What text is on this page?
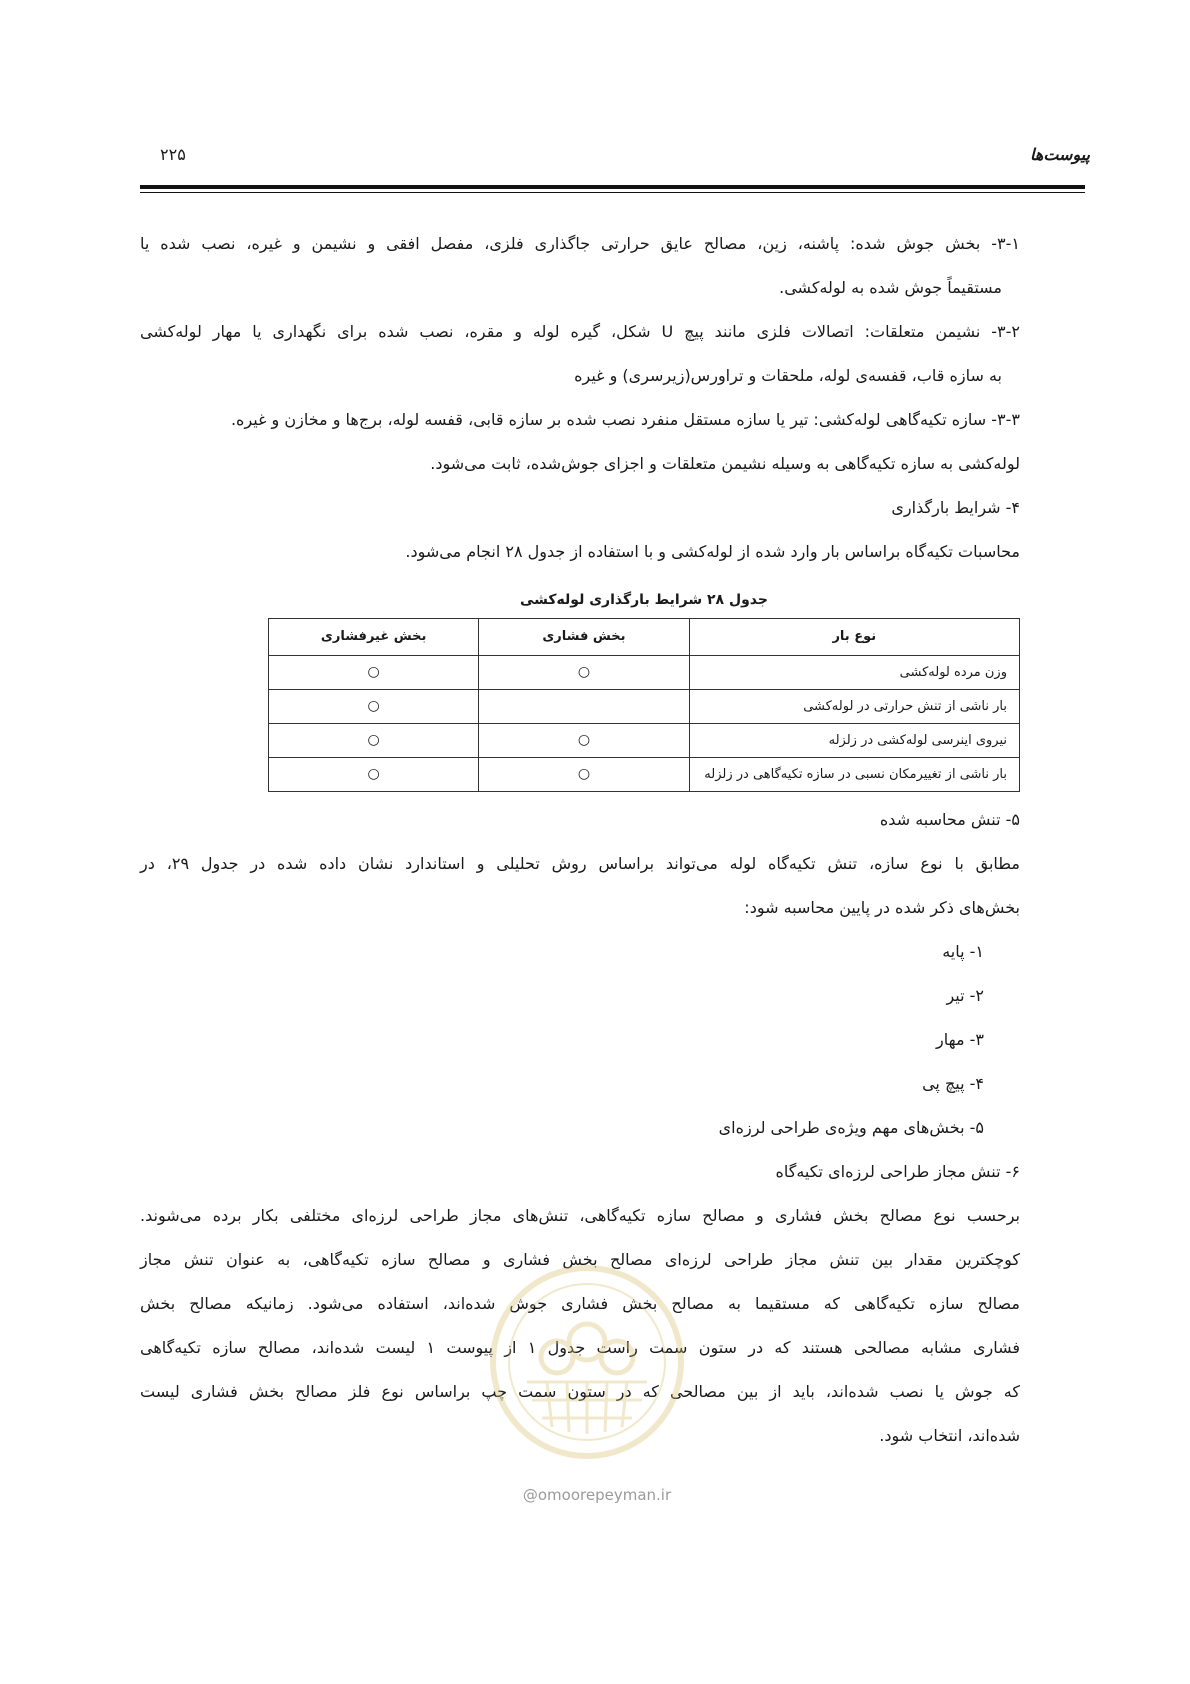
پیوست‌ها
۲۲۵
۳-۱- بخش جوش شده: پاشنه، زین، مصالح عایق حرارتی جاگذاری فلزی، مفصل افقی و نشیمن و غیره، نصب شده یا
مستقیماً جوش شده به لوله‌کشی.
۳-۲- نشیمن متعلقات: اتصالات فلزی مانند پیچ U شکل، گیره لوله و مقره، نصب شده برای نگهداری یا مهار لوله‌کشی
به سازه قاب، قفسه‌ی لوله، ملحقات و تراورس(زیرسری) و غیره
۳-۳- سازه تکیه‌گاهی لوله‌کشی: تیر یا سازه مستقل منفرد نصب شده بر سازه قابی، قفسه لوله، برج‌ها و مخازن و غیره.
لوله‌کشی به سازه تکیه‌گاهی به وسیله نشیمن متعلقات و اجزای جوش‌شده، ثابت می‌شود.
۴- شرایط بارگذاری
محاسبات تکیه‌گاه براساس بار وارد شده از لوله‌کشی و با استفاده از جدول ۲۸ انجام می‌شود.
جدول ۲۸ شرایط بارگذاری لوله‌کشی
نوع بار	بخش فشاری	بخش غیرفشاری
وزن مرده لوله‌کشی	○	○
بار ناشی از تنش حرارتی در لوله‌کشی		○
نیروی اینرسی لوله‌کشی در زلزله	○	○
بار ناشی از تغییرمکان نسبی در سازه تکیه‌گاهی در زلزله	○	○
۵- تنش محاسبه شده
مطابق با نوع سازه، تنش تکیه‌گاه لوله می‌تواند براساس روش تحلیلی و استاندارد نشان داده شده در جدول ۲۹، در
بخش‌های ذکر شده در پایین محاسبه شود:
۱- پایه
۲- تیر
۳- مهار
۴- پیچ پی
۵- بخش‌های مهم ویژه‌ی طراحی لرزه‌ای
۶- تنش مجاز طراحی لرزه‌ای تکیه‌گاه
برحسب نوع مصالح بخش فشاری و مصالح سازه تکیه‌گاهی، تنش‌های مجاز طراحی لرزه‌ای مختلفی بکار برده می‌شوند.
کوچکترین مقدار بین تنش مجاز طراحی لرزه‌ای مصالح بخش فشاری و مصالح سازه تکیه‌گاهی، به عنوان تنش مجاز
مصالح سازه تکیه‌گاهی که مستقیما به مصالح بخش فشاری جوش شده‌اند، استفاده می‌شود. زمانیکه مصالح بخش
فشاری مشابه مصالحی هستند که در ستون سمت راست جدول ۱ از پیوست ۱ لیست شده‌اند، مصالح سازه تکیه‌گاهی
که جوش یا نصب شده‌اند، باید از بین مصالحی که در ستون سمت چپ براساس نوع فلز مصالح بخش فشاری لیست
شده‌اند، انتخاب شود.
@omoorepeyman.ir
